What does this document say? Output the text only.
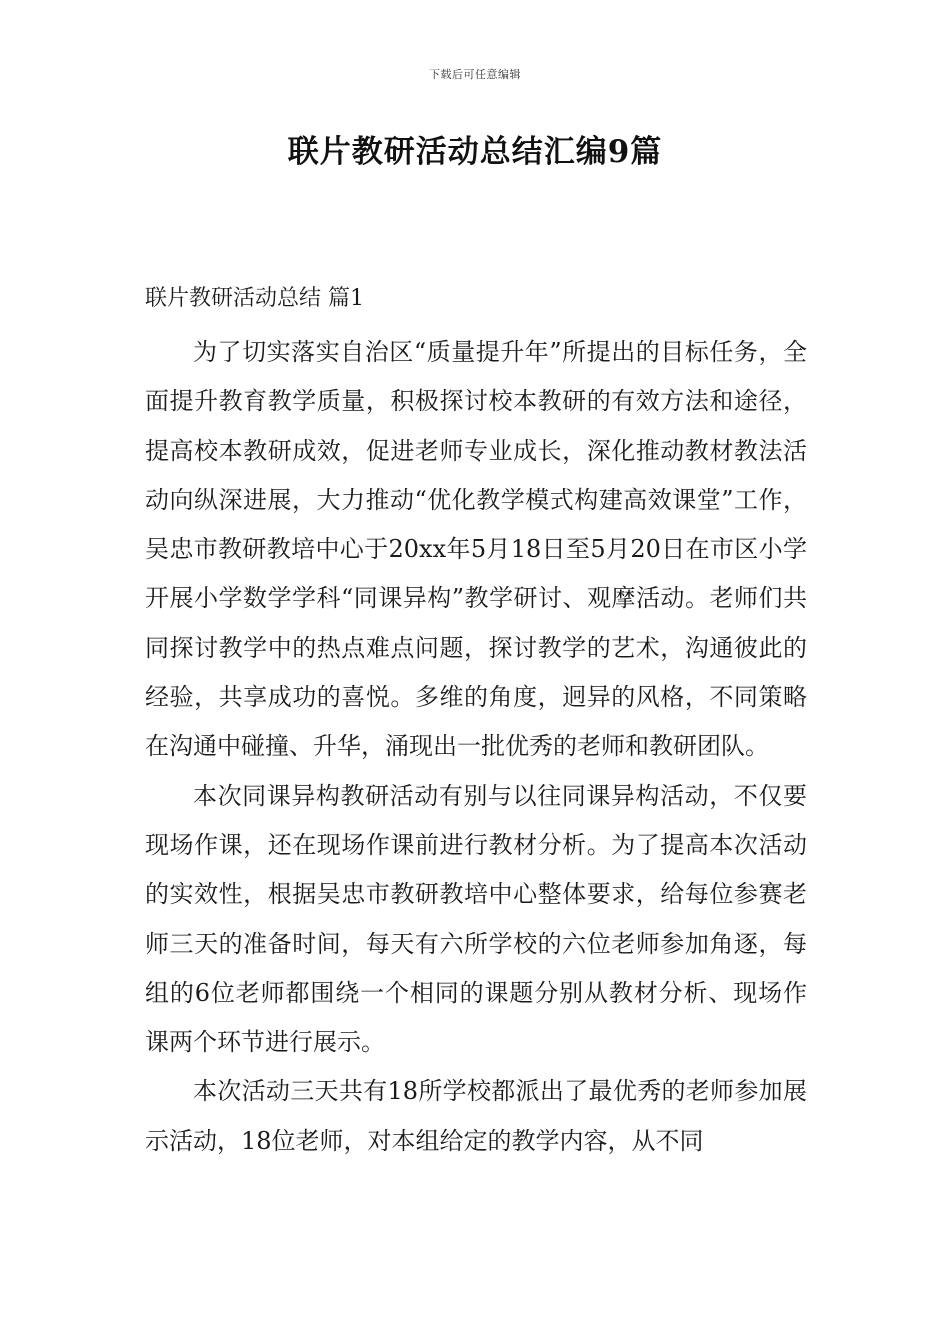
下载后可任意编辑
联片教研活动总结汇编9篇
联片教研活动总结 篇1

为了切实落实自治区“质量提升年”所提出的目标任务，全面提升教育教学质量，积极探讨校本教研的有效方法和途径，提高校本教研成效，促进老师专业成长，深化推动教材教法活动向纵深进展，大力推动“优化教学模式构建高效课堂”工作，吴忠市教研教培中心于20xx年5月18日至5月20日在市区小学开展小学数学学科“同课异构”教学研讨、观摩活动。老师们共同探讨教学中的热点难点问题，探讨教学的艺术，沟通彼此的经验，共享成功的喜悦。多维的角度，迥异的风格，不同策略在沟通中碰撞、升华，涌现出一批优秀的老师和教研团队。

本次同课异构教研活动有别与以往同课异构活动，不仅要现场作课，还在现场作课前进行教材分析。为了提高本次活动的实效性，根据吴忠市教研教培中心整体要求，给每位参赛老师三天的准备时间，每天有六所学校的六位老师参加角逐，每组的6位老师都围绕一个相同的课题分别从教材分析、现场作课两个环节进行展示。

本次活动三天共有18所学校都派出了最优秀的老师参加展示活动，18位老师，对本组给定的教学内容，从不同
